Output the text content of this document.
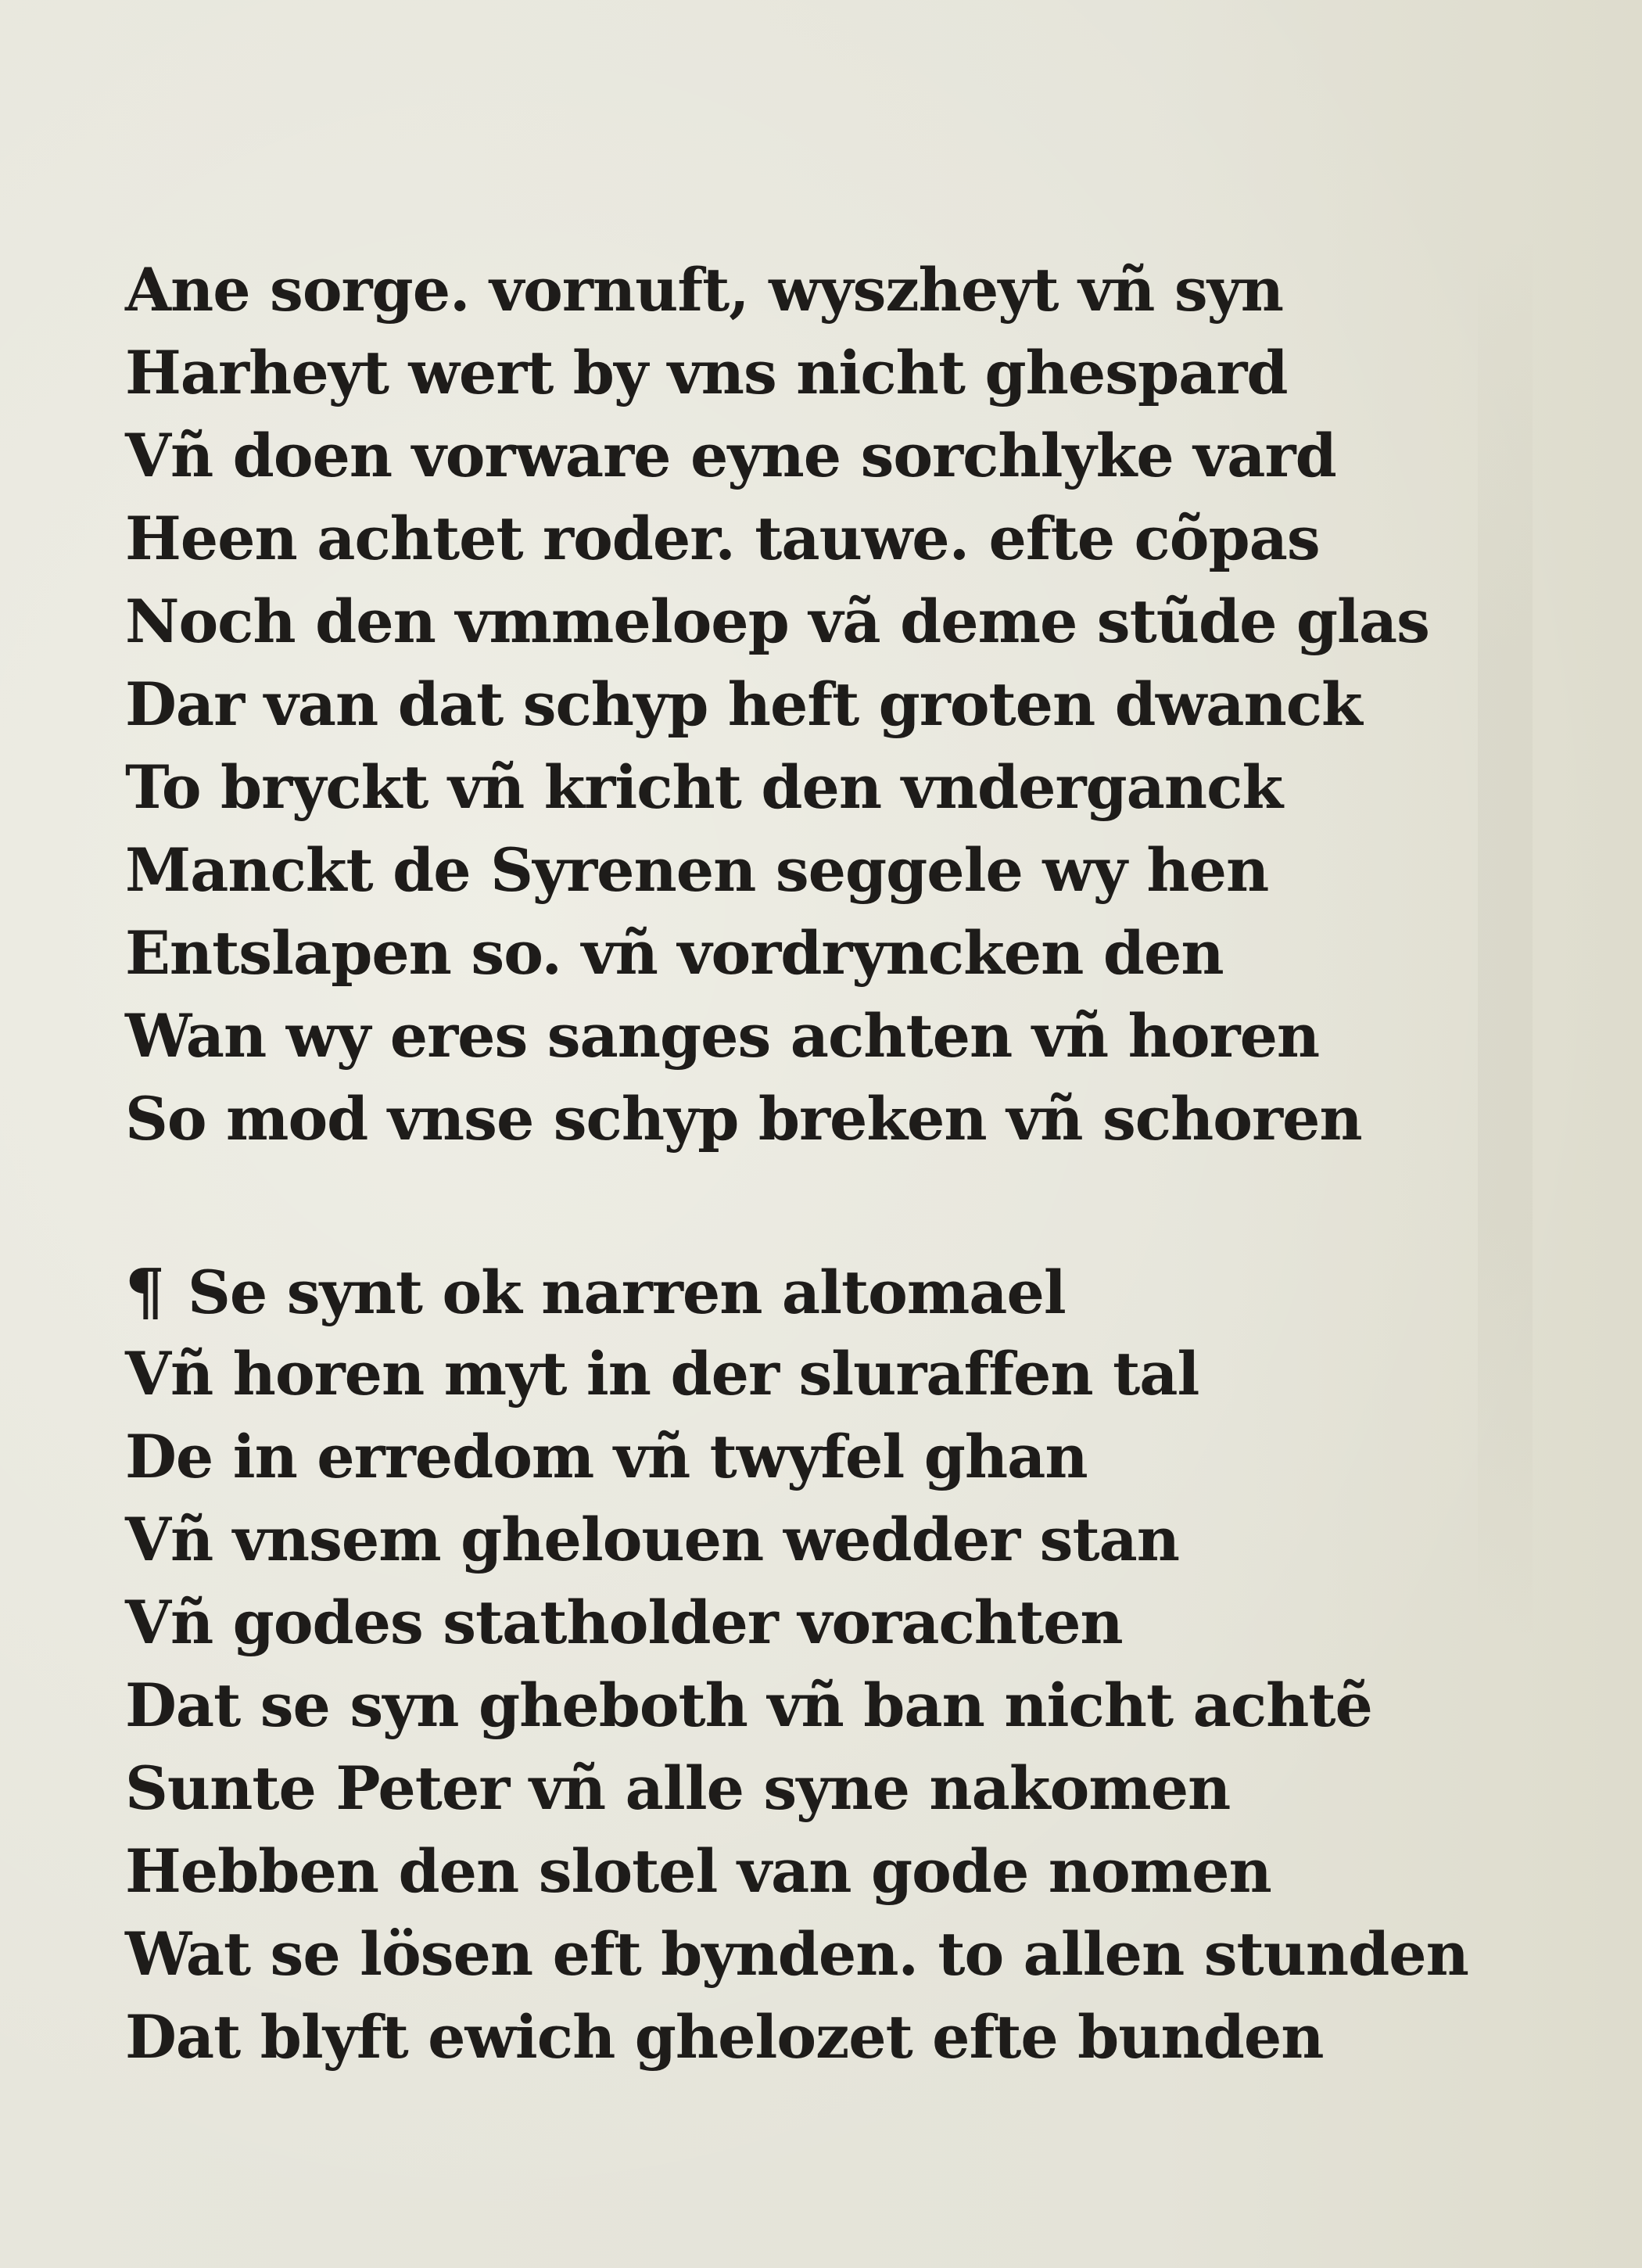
Ane sorge. vornuft, wyszheyt vñ syn
Harheyt wert by vns nicht ghespard
Vñ doen vorware eyne sorchlyke vard
Heen achtet roder. tauwe. efte cõpas
Noch den vmmeloep vã deme stũde glas
Dar van dat schyp heft groten dwanck
To bryckt vñ kricht den vnderganck
Manckt de Syrenen seggele wy hen
Entslapen so. vñ vordryncken den
Wan wy eres sanges achten vñ horen
So mod vnse schyp breken vñ schoren
¶ Se synt ok narren altomael
Vñ horen myt in der sluraffen tal
De in erredom vñ twyfel ghan
Vñ vnsem ghelouen wedder stan
Vñ godes statholder vorachten
Dat se syn gheboth vñ ban nicht achtẽ
Sunte Peter vñ alle syne nakomen
Hebben den slotel van gode nomen
Wat se lösen eft bynden. to allen stunden
Dat blyft ewich ghelozet efte bunden
